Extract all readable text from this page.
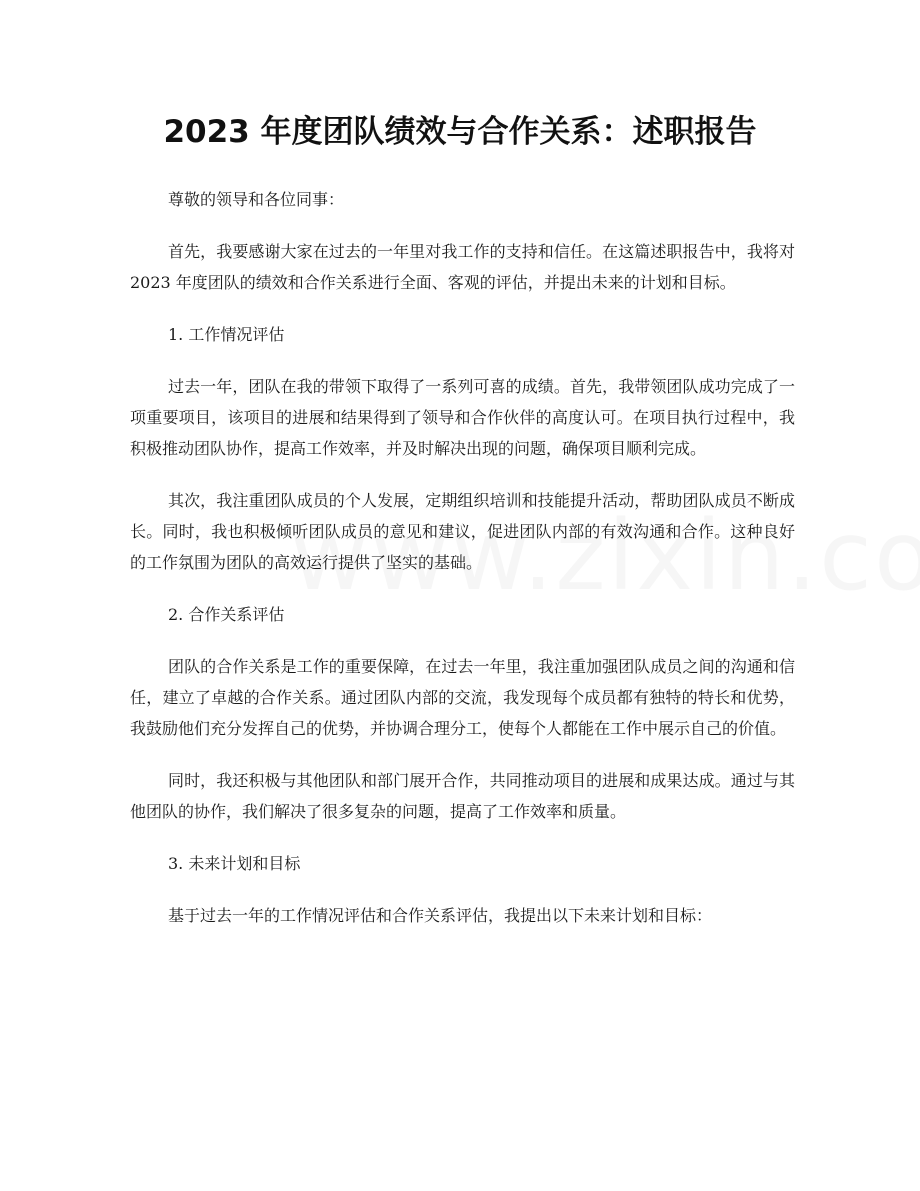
2023 年度团队绩效与合作关系：述职报告

尊敬的领导和各位同事：

首先，我要感谢大家在过去的一年里对我工作的支持和信任。在这篇述职报告中，我将对 2023 年度团队的绩效和合作关系进行全面、客观的评估，并提出未来的计划和目标。

1. 工作情况评估

过去一年，团队在我的带领下取得了一系列可喜的成绩。首先，我带领团队成功完成了一项重要项目，该项目的进展和结果得到了领导和合作伙伴的高度认可。在项目执行过程中，我积极推动团队协作，提高工作效率，并及时解决出现的问题，确保项目顺利完成。

其次，我注重团队成员的个人发展，定期组织培训和技能提升活动，帮助团队成员不断成长。同时，我也积极倾听团队成员的意见和建议，促进团队内部的有效沟通和合作。这种良好的工作氛围为团队的高效运行提供了坚实的基础。

2. 合作关系评估

团队的合作关系是工作的重要保障，在过去一年里，我注重加强团队成员之间的沟通和信任，建立了卓越的合作关系。通过团队内部的交流，我发现每个成员都有独特的特长和优势，我鼓励他们充分发挥自己的优势，并协调合理分工，使每个人都能在工作中展示自己的价值。

同时，我还积极与其他团队和部门展开合作，共同推动项目的进展和成果达成。通过与其他团队的协作，我们解决了很多复杂的问题，提高了工作效率和质量。

3. 未来计划和目标

基于过去一年的工作情况评估和合作关系评估，我提出以下未来计划和目标：
